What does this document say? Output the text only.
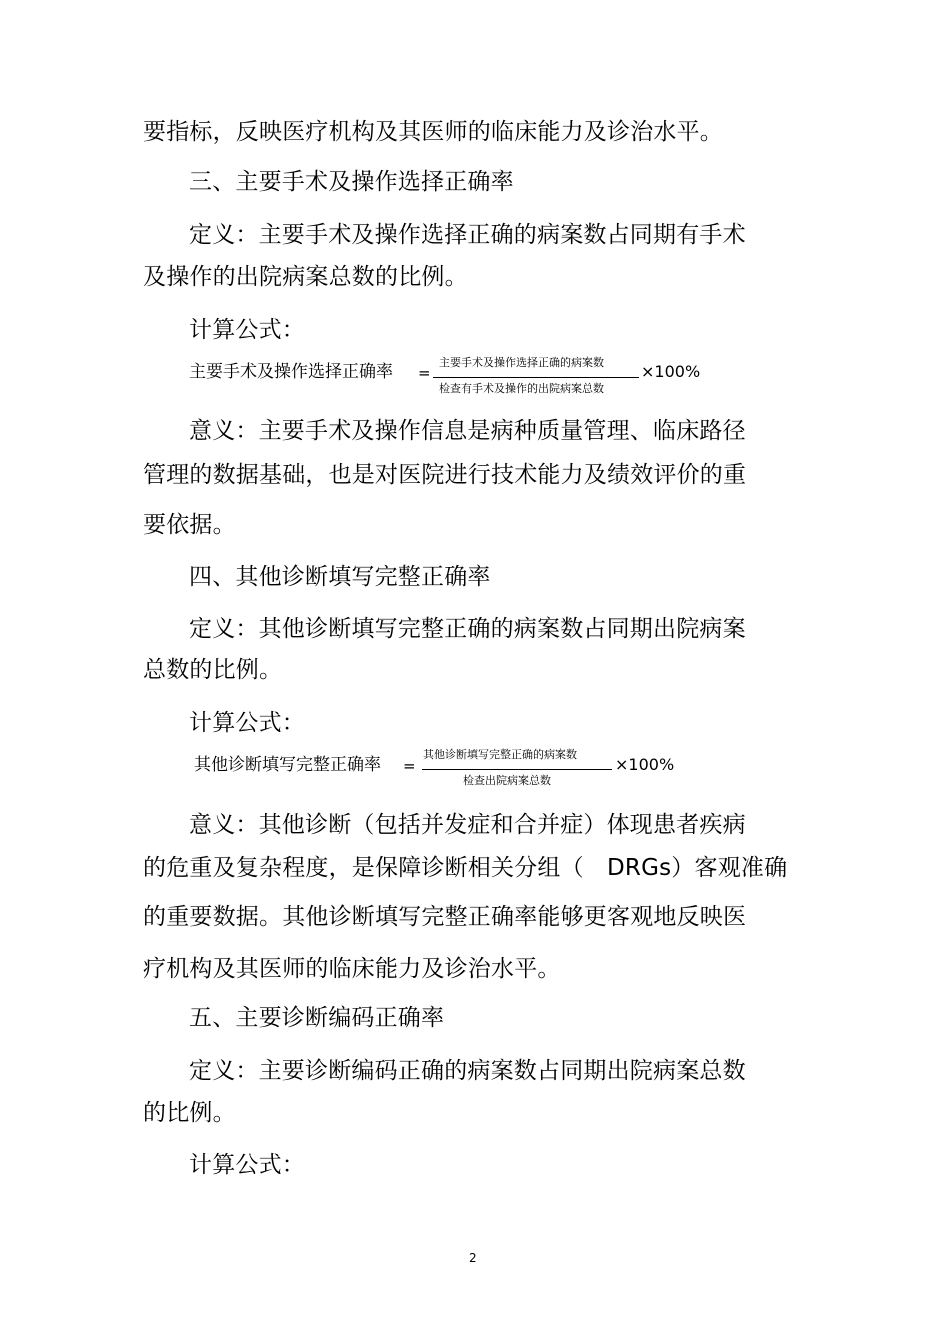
要指标，反映医疗机构及其医师的临床能力及诊治水平。
三、主要手术及操作选择正确率
定义：主要手术及操作选择正确的病案数占同期有手术
及操作的出院病案总数的比例。
计算公式：
主要手术及操作选择正确率 =
主要手术及操作选择正确的病案数
检查有手术及操作的出院病案总数
×100%
意义：主要手术及操作信息是病种质量管理、临床路径
管理的数据基础，也是对医院进行技术能力及绩效评价的重
要依据。
四、其他诊断填写完整正确率
定义：其他诊断填写完整正确的病案数占同期出院病案
总数的比例。
计算公式：
其他诊断填写完整正确率 =
其他诊断填写完整正确的病案数
检查出院病案总数
×100%
意义：其他诊断（包括并发症和合并症）体现患者疾病
的危重及复杂程度，是保障诊断相关分组（　DRGs）客观准确
的重要数据。其他诊断填写完整正确率能够更客观地反映医
疗机构及其医师的临床能力及诊治水平。
五、主要诊断编码正确率
定义：主要诊断编码正确的病案数占同期出院病案总数
的比例。
计算公式：
2
